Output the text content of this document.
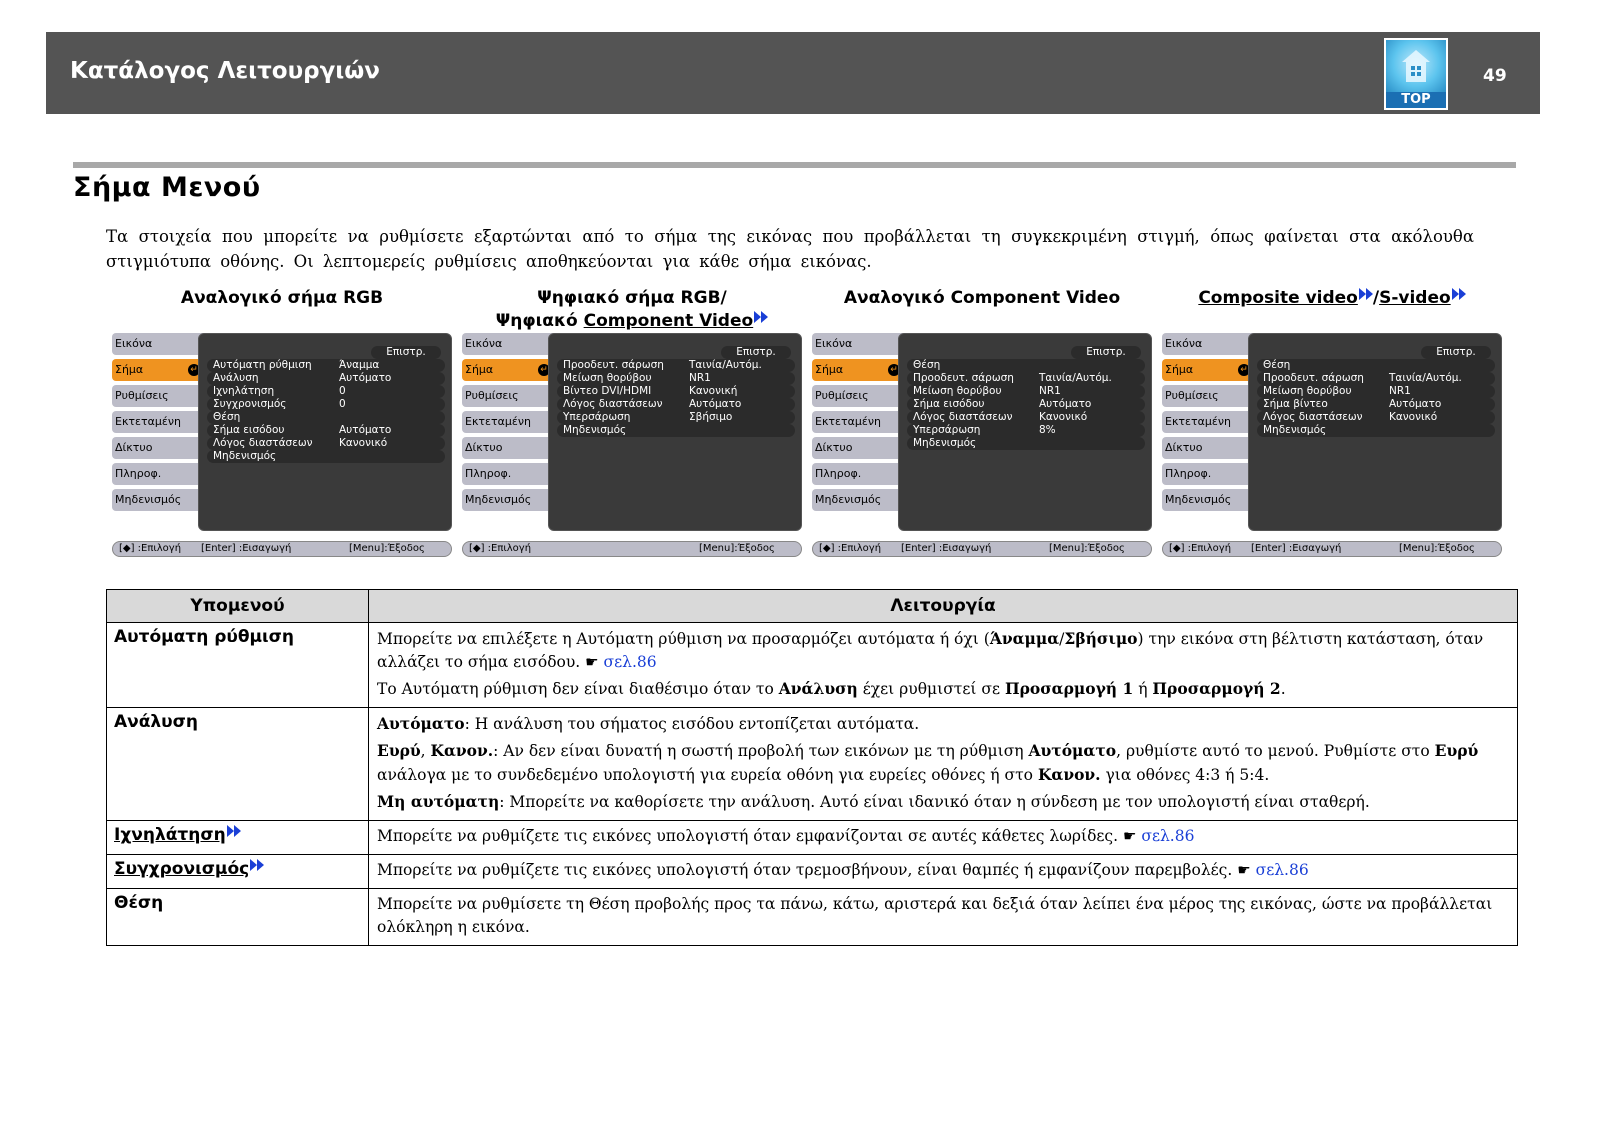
Κατάλογος Λειτουργιών
TOP
49
Σήμα Μενού
Τα στοιχεία που μπορείτε να ρυθμίσετε εξαρτώνται από το σήμα της εικόνας που προβάλλεται τη συγκεκριμένη στιγμή, όπως φαίνεται στα ακόλουθα στιγμιότυπα οθόνης. Οι λεπτομερείς ρυθμίσεις αποθηκεύονται για κάθε σήμα εικόνας.
Αναλογικό σήμα RGB	Ψηφιακό σήμα RGB/
Ψηφιακό Component Video
Αναλογικό Component Video	Composite video /S-video
Εικόνα
Σήμα	↵
Ρυθμίσεις
Εκτεταμένη
Δίκτυο
Πληροφ.
Μηδενισμός
Επιστρ.
Αυτόματη ρύθμιση	Άναμμα
Ανάλυση	Αυτόματο
Ιχνηλάτηση	0
Συγχρονισμός	0
Θέση
Σήμα εισόδου	Αυτόματο
Λόγος διαστάσεων	Κανονικό
Μηδενισμός
[◆] :Επιλογή [Enter] :Εισαγωγή	[Menu]:Έξοδος
Εικόνα
Σήμα	↵
Ρυθμίσεις
Εκτεταμένη
Δίκτυο
Πληροφ.
Μηδενισμός
Επιστρ.
Προοδευτ. σάρωση Ταινία/Αυτόμ.
Μείωση θορύβου	NR1
Βίντεο DVI/HDMI	Κανονική
Λόγος διαστάσεων	Αυτόματο
Υπερσάρωση	Σβήσιμο
Μηδενισμός
[◆] :Επιλογή	[Menu]:Έξοδος
Εικόνα
Σήμα	↵
Ρυθμίσεις
Εκτεταμένη
Δίκτυο
Πληροφ.
Μηδενισμός
Επιστρ.
Θέση
Προοδευτ. σάρωση Ταινία/Αυτόμ.
Μείωση θορύβου	NR1
Σήμα εισόδου	Αυτόματο
Λόγος διαστάσεων	Κανονικό
Υπερσάρωση	8%
Μηδενισμός
[◆] :Επιλογή [Enter] :Εισαγωγή	[Menu]:Έξοδος
Εικόνα
Σήμα	↵
Ρυθμίσεις
Εκτεταμένη
Δίκτυο
Πληροφ.
Μηδενισμός
Επιστρ.
Θέση
Προοδευτ. σάρωση Ταινία/Αυτόμ.
Μείωση θορύβου	NR1
Σήμα βίντεο	Αυτόματο
Λόγος διαστάσεων	Κανονικό
Μηδενισμός
[◆] :Επιλογή [Enter] :Εισαγωγή	[Menu]:Έξοδος
Υπομενού	Λειτουργία
Αυτόματη ρύθμιση	Μπορείτε να επιλέξετε η Αυτόματη ρύθμιση να προσαρμόζει αυτόματα ή όχι (Άναμμα/Σβήσιμο) την εικόνα στη βέλτιστη κατάσταση, όταν αλλάζει το σήμα εισόδου. ☛ σελ.86

Το Αυτόματη ρύθμιση δεν είναι διαθέσιμο όταν το Ανάλυση έχει ρυθμιστεί σε Προσαρμογή 1 ή Προσαρμογή 2.

Ανάλυση	Αυτόματο: Η ανάλυση του σήματος εισόδου εντοπίζεται αυτόματα.

Ευρύ, Κανον.: Αν δεν είναι δυνατή η σωστή προβολή των εικόνων με τη ρύθμιση Αυτόματο, ρυθμίστε αυτό το μενού. Ρυθμίστε στο Ευρύ ανάλογα με το συνδεδεμένο υπολογιστή για ευρεία οθόνη για ευρείες οθόνες ή στο Κανον. για οθόνες 4:3 ή 5:4.

Μη αυτόματη: Μπορείτε να καθορίσετε την ανάλυση. Αυτό είναι ιδανικό όταν η σύνδεση με τον υπολογιστή είναι σταθερή.

Ιχνηλάτηση	Μπορείτε να ρυθμίζετε τις εικόνες υπολογιστή όταν εμφανίζονται σε αυτές κάθετες λωρίδες. ☛ σελ.86
Συγχρονισμός	Μπορείτε να ρυθμίζετε τις εικόνες υπολογιστή όταν τρεμοσβήνουν, είναι θαμπές ή εμφανίζουν παρεμβολές. ☛ σελ.86
Θέση	Μπορείτε να ρυθμίσετε τη Θέση προβολής προς τα πάνω, κάτω, αριστερά και δεξιά όταν λείπει ένα μέρος της εικόνας, ώστε να προβάλλεται ολόκληρη η εικόνα.
